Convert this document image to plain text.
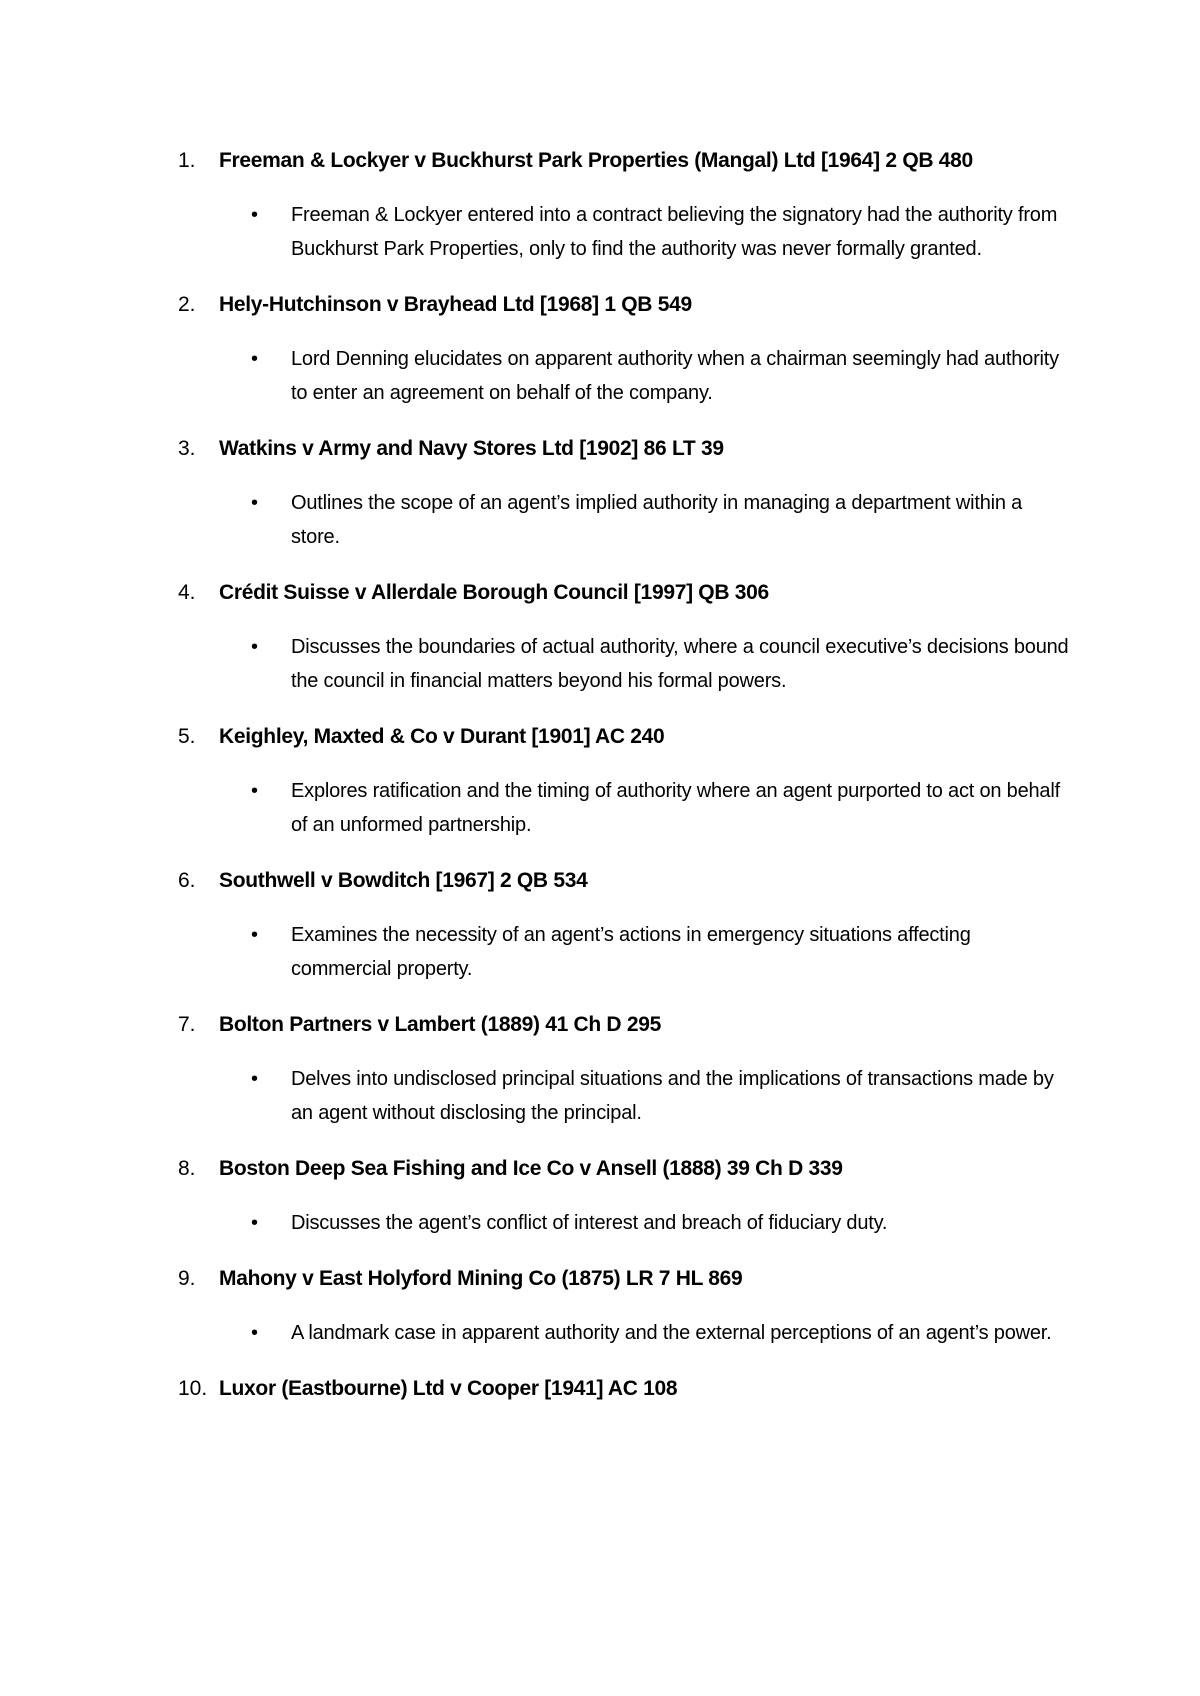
1.	Freeman & Lockyer v Buckhurst Park Properties (Mangal) Ltd [1964] 2 QB 480
• Freeman & Lockyer entered into a contract believing the signatory had the authority from Buckhurst Park Properties, only to find the authority was never formally granted.
2.	Hely-Hutchinson v Brayhead Ltd [1968] 1 QB 549
• Lord Denning elucidates on apparent authority when a chairman seemingly had authority to enter an agreement on behalf of the company.
3.	Watkins v Army and Navy Stores Ltd [1902] 86 LT 39
• Outlines the scope of an agent’s implied authority in managing a department within a store.
4.	Crédit Suisse v Allerdale Borough Council [1997] QB 306
• Discusses the boundaries of actual authority, where a council executive’s decisions bound the council in financial matters beyond his formal powers.
5.	Keighley, Maxted & Co v Durant [1901] AC 240
• Explores ratification and the timing of authority where an agent purported to act on behalf of an unformed partnership.
6.	Southwell v Bowditch [1967] 2 QB 534
• Examines the necessity of an agent’s actions in emergency situations affecting commercial property.
7.	Bolton Partners v Lambert (1889) 41 Ch D 295
• Delves into undisclosed principal situations and the implications of transactions made by an agent without disclosing the principal.
8.	Boston Deep Sea Fishing and Ice Co v Ansell (1888) 39 Ch D 339
• Discusses the agent’s conflict of interest and breach of fiduciary duty.
9.	Mahony v East Holyford Mining Co (1875) LR 7 HL 869
• A landmark case in apparent authority and the external perceptions of an agent’s power.
10. Luxor (Eastbourne) Ltd v Cooper [1941] AC 108
